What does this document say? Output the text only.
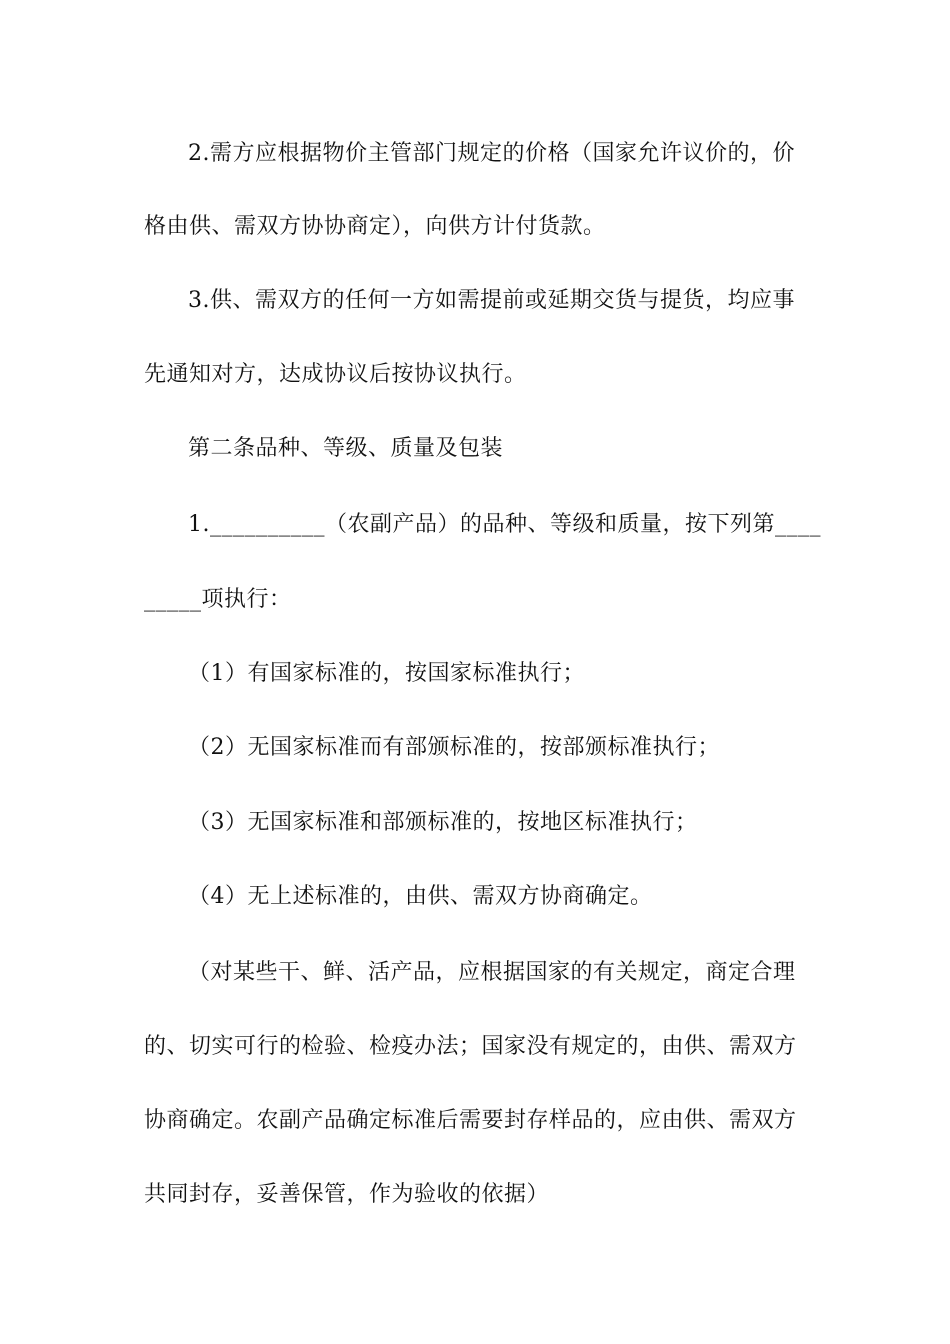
2.需方应根据物价主管部门规定的价格（国家允许议价的，价
格由供、需双方协协商定），向供方计付货款。
3.供、需双方的任何一方如需提前或延期交货与提货，均应事
先通知对方，达成协议后按协议执行。
第二条品种、等级、质量及包装
1.__________（农副产品）的品种、等级和质量，按下列第____
_____项执行：
（1）有国家标准的，按国家标准执行；
（2）无国家标准而有部颁标准的，按部颁标准执行；
（3）无国家标准和部颁标准的，按地区标准执行；
（4）无上述标准的，由供、需双方协商确定。
（对某些干、鲜、活产品，应根据国家的有关规定，商定合理
的、切实可行的检验、检疫办法；国家没有规定的，由供、需双方
协商确定。农副产品确定标准后需要封存样品的，应由供、需双方
共同封存，妥善保管，作为验收的依据）
